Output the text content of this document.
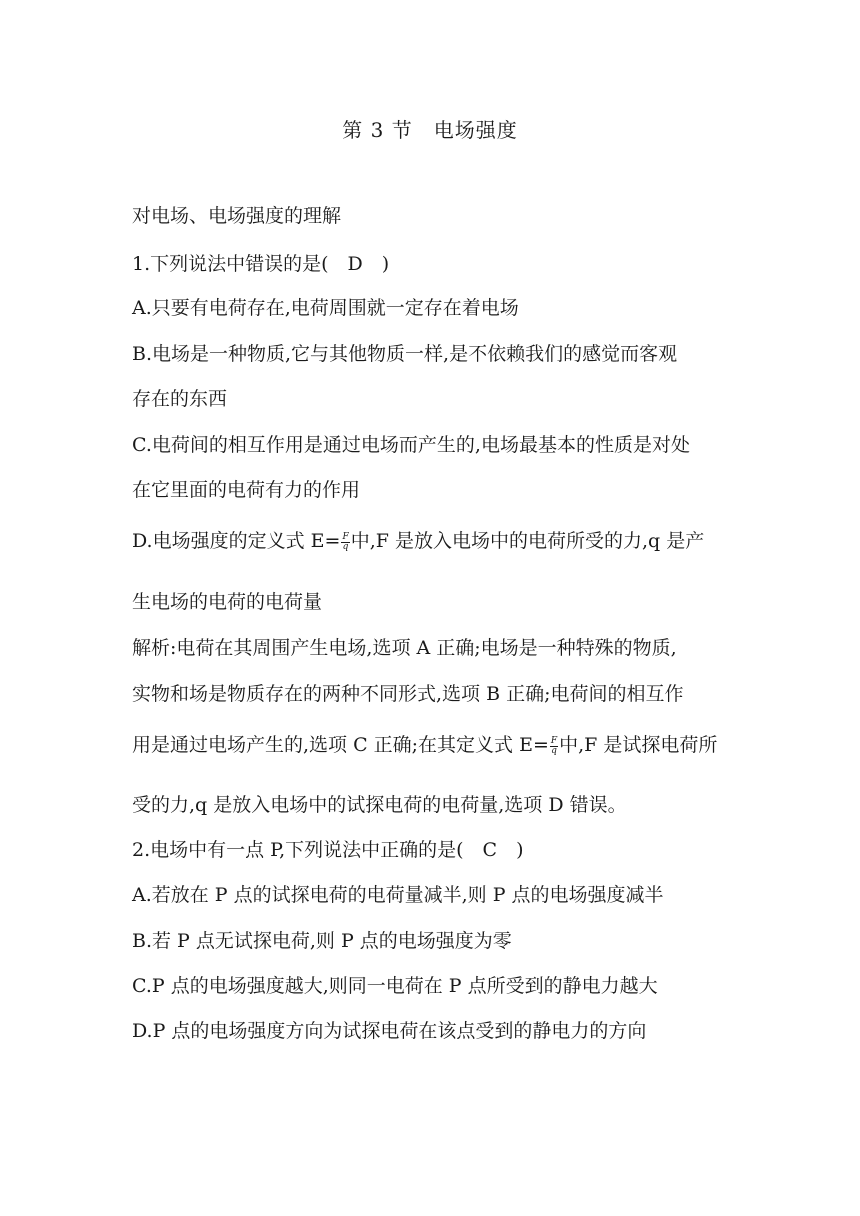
第 3 节　电场强度
对电场、电场强度的理解
1.下列说法中错误的是(　D　)
A.只要有电荷存在,电荷周围就一定存在着电场
B.电场是一种物质,它与其他物质一样,是不依赖我们的感觉而客观
存在的东西
C.电荷间的相互作用是通过电场而产生的,电场最基本的性质是对处
在它里面的电荷有力的作用
D.电场强度的定义式 $E= \frac{F}{q}$ 中,F 是放入电场中的电荷所受的力,q 是产
生电场的电荷的电荷量
解析:电荷在其周围产生电场,选项 A 正确;电场是一种特殊的物质,
实物和场是物质存在的两种不同形式,选项 B 正确;电荷间的相互作
用是通过电场产生的,选项 C 正确;在其定义式 $E= \frac{F}{q}$ 中,F 是试探电荷所
受的力,q 是放入电场中的试探电荷的电荷量,选项 D 错误。
2.电场中有一点 P,下列说法中正确的是(　C　)
A.若放在 P 点的试探电荷的电荷量减半,则 P 点的电场强度减半
B.若 P 点无试探电荷,则 P 点的电场强度为零
C.P 点的电场强度越大,则同一电荷在 P 点所受到的静电力越大
D.P 点的电场强度方向为试探电荷在该点受到的静电力的方向
